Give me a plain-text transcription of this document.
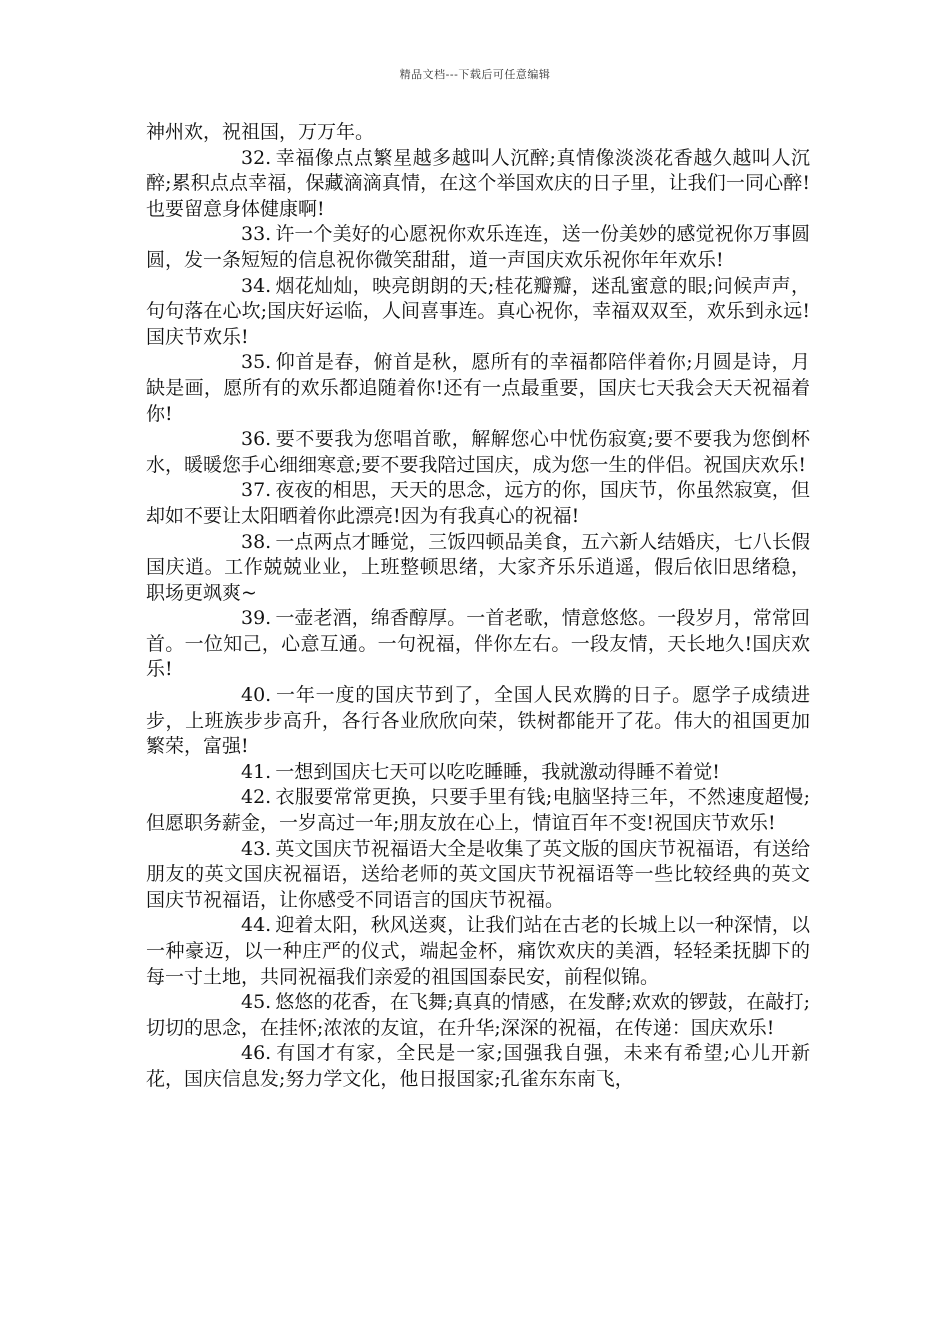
精品文档---下载后可任意编辑

神州欢，祝祖国，万万年。

32. 幸福像点点繁星越多越叫人沉醉;真情像淡淡花香越久越叫人沉醉;累积点点幸福，保藏滴滴真情，在这个举国欢庆的日子里，让我们一同心醉!也要留意身体健康啊!

33. 许一个美好的心愿祝你欢乐连连，送一份美妙的感觉祝你万事圆圆，发一条短短的信息祝你微笑甜甜，道一声国庆欢乐祝你年年欢乐!

34. 烟花灿灿，映亮朗朗的天;桂花瓣瓣，迷乱蜜意的眼;问候声声，句句落在心坎;国庆好运临，人间喜事连。真心祝你，幸福双双至，欢乐到永远!国庆节欢乐!

35. 仰首是春，俯首是秋，愿所有的幸福都陪伴着你;月圆是诗，月缺是画，愿所有的欢乐都追随着你!还有一点最重要，国庆七天我会天天祝福着你!

36. 要不要我为您唱首歌，解解您心中忧伤寂寞;要不要我为您倒杯水，暖暖您手心细细寒意;要不要我陪过国庆，成为您一生的伴侣。祝国庆欢乐!

37. 夜夜的相思，天天的思念，远方的你，国庆节，你虽然寂寞，但却如不要让太阳晒着你此漂亮!因为有我真心的祝福!

38. 一点两点才睡觉，三饭四顿品美食，五六新人结婚庆，七八长假国庆逍。工作兢兢业业，上班整顿思绪，大家齐乐乐逍遥，假后依旧思绪稳，职场更飒爽~

39. 一壶老酒，绵香醇厚。一首老歌，情意悠悠。一段岁月，常常回首。一位知己，心意互通。一句祝福，伴你左右。一段友情，天长地久!国庆欢乐!

40. 一年一度的国庆节到了，全国人民欢腾的日子。愿学子成绩进步，上班族步步高升，各行各业欣欣向荣，铁树都能开了花。伟大的祖国更加繁荣，富强!

41. 一想到国庆七天可以吃吃睡睡，我就激动得睡不着觉!

42. 衣服要常常更换，只要手里有钱;电脑坚持三年，不然速度超慢;但愿职务薪金，一岁高过一年;朋友放在心上，情谊百年不变!祝国庆节欢乐!

43. 英文国庆节祝福语大全是收集了英文版的国庆节祝福语，有送给朋友的英文国庆祝福语，送给老师的英文国庆节祝福语等一些比较经典的英文国庆节祝福语，让你感受不同语言的国庆节祝福。

44. 迎着太阳，秋风送爽，让我们站在古老的长城上以一种深情，以一种豪迈，以一种庄严的仪式，端起金杯，痛饮欢庆的美酒，轻轻柔抚脚下的每一寸土地，共同祝福我们亲爱的祖国国泰民安，前程似锦。

45. 悠悠的花香，在飞舞;真真的情感，在发酵;欢欢的锣鼓，在敲打;切切的思念，在挂怀;浓浓的友谊，在升华;深深的祝福，在传递：国庆欢乐!

46. 有国才有家，全民是一家;国强我自强，未来有希望;心儿开新花，国庆信息发;努力学文化，他日报国家;孔雀东东南飞，
